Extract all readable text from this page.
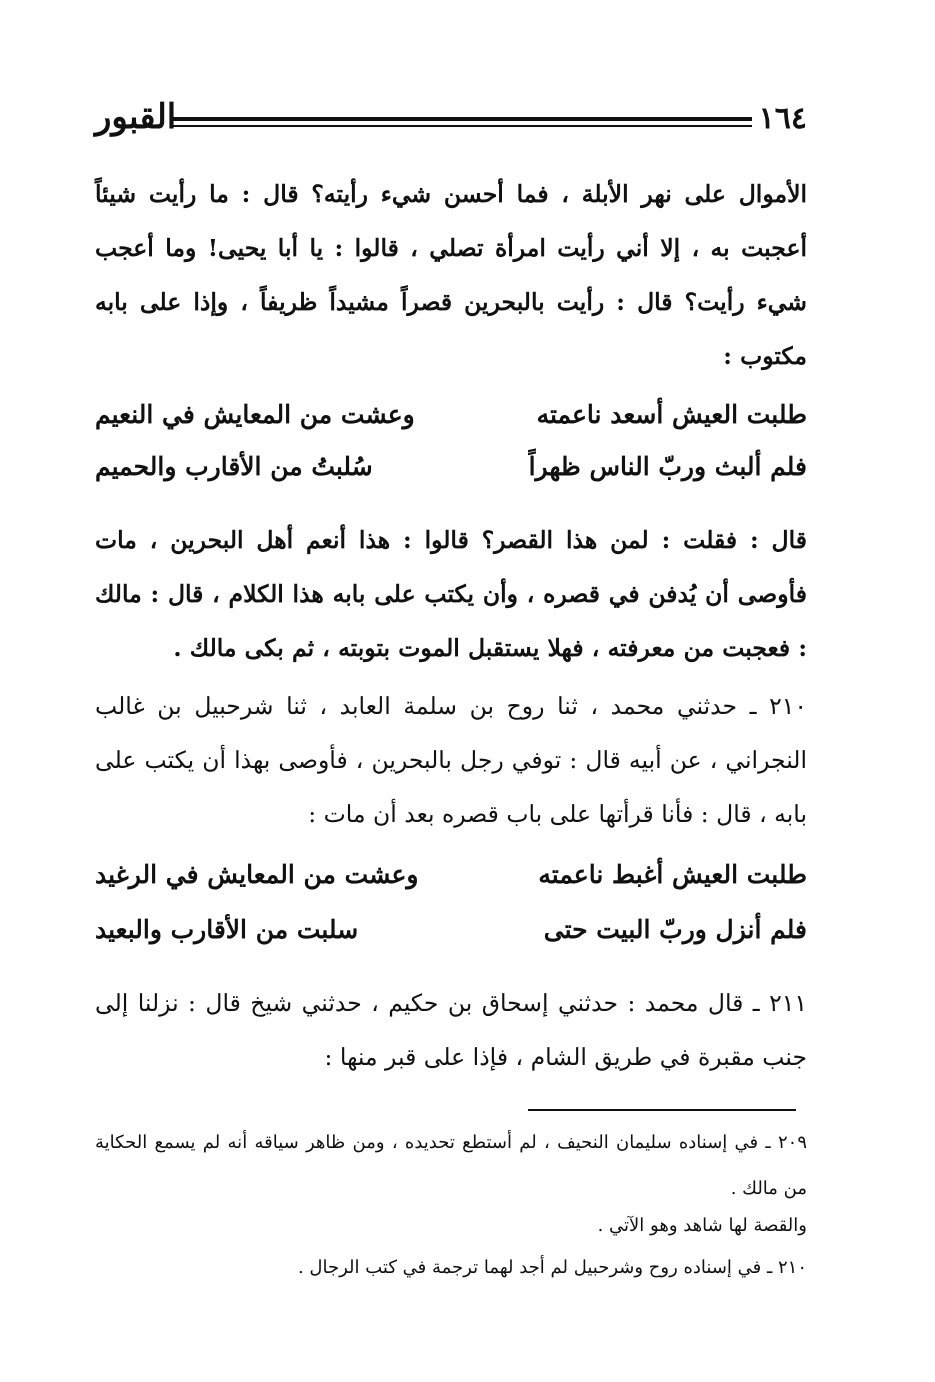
١٦٤
القبور

الأموال على نهر الأبلة ، فما أحسن شيء رأيته؟ قال : ما رأيت شيئاً أعجبت به ، إلا أني رأيت امرأة تصلي ، قالوا : يا أبا يحيى! وما أعجب شيء رأيت؟ قال : رأيت بالبحرين قصراً مشيداً ظريفاً ، وإذا على بابه مكتوب :

طلبت العيش أسعد ناعمته
وعشت من المعايش في النعيم
فلم ألبث وربّ الناس ظهراً
سُلبتُ من الأقارب والحميم

قال : فقلت : لمن هذا القصر؟ قالوا : هذا أنعم أهل البحرين ، مات فأوصى أن يُدفن في قصره ، وأن يكتب على بابه هذا الكلام ، قال : مالك : فعجبت من معرفته ، فهلا يستقبل الموت بتوبته ، ثم بكى مالك .

٢١٠ ـ حدثني محمد ، ثنا روح بن سلمة العابد ، ثنا شرحبيل بن غالب النجراني ، عن أبيه قال : توفي رجل بالبحرين ، فأوصى بهذا أن يكتب على بابه ، قال : فأنا قرأتها على باب قصره بعد أن مات :

طلبت العيش أغبط ناعمته
وعشت من المعايش في الرغيد
فلم أنزل وربّ البيت حتى
سلبت من الأقارب والبعيد

٢١١ ـ قال محمد : حدثني إسحاق بن حكيم ، حدثني شيخ قال : نزلنا إلى جنب مقبرة في طريق الشام ، فإذا على قبر منها :

٢٠٩ ـ في إسناده سليمان النحيف ، لم أستطع تحديده ، ومن ظاهر سياقه أنه لم يسمع الحكاية من مالك .

والقصة لها شاهد وهو الآتي .

٢١٠ ـ في إسناده روح وشرحبيل لم أجد لهما ترجمة في كتب الرجال .
